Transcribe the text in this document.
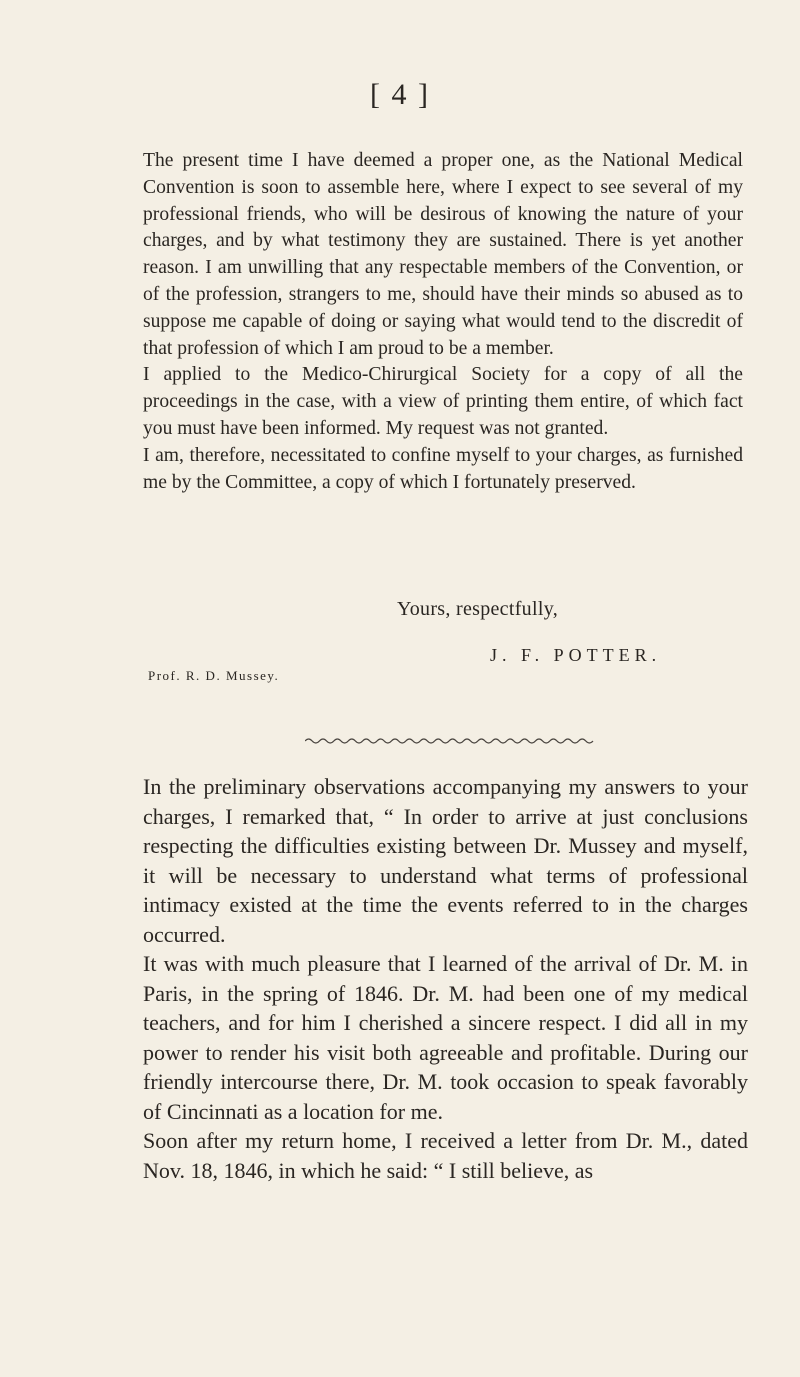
[ 4 ]

The present time I have deemed a proper one, as the National Medical Convention is soon to assemble here, where I expect to see several of my professional friends, who will be desirous of knowing the nature of your charges, and by what testimony they are sustained. There is yet another reason. I am unwilling that any respectable members of the Convention, or of the profession, strangers to me, should have their minds so abused as to suppose me capable of doing or saying what would tend to the discredit of that profession of which I am proud to be a member.

I applied to the Medico-Chirurgical Society for a copy of all the proceedings in the case, with a view of printing them entire, of which fact you must have been informed. My request was not granted.

I am, therefore, necessitated to confine myself to your charges, as furnished me by the Committee, a copy of which I fortunately preserved.

Yours, respectfully,
J. F. POTTER.
Prof. R. D. Mussey.

In the preliminary observations accompanying my answers to your charges, I remarked that, “ In order to arrive at just conclusions respecting the difficulties existing between Dr. Mussey and myself, it will be necessary to understand what terms of professional intimacy existed at the time the events referred to in the charges occurred.

It was with much pleasure that I learned of the arrival of Dr. M. in Paris, in the spring of 1846. Dr. M. had been one of my medical teachers, and for him I cherished a sincere respect. I did all in my power to render his visit both agreeable and profitable. During our friendly intercourse there, Dr. M. took occasion to speak favorably of Cincinnati as a location for me.

Soon after my return home, I received a letter from Dr. M., dated Nov. 18, 1846, in which he said: “ I still believe, as
